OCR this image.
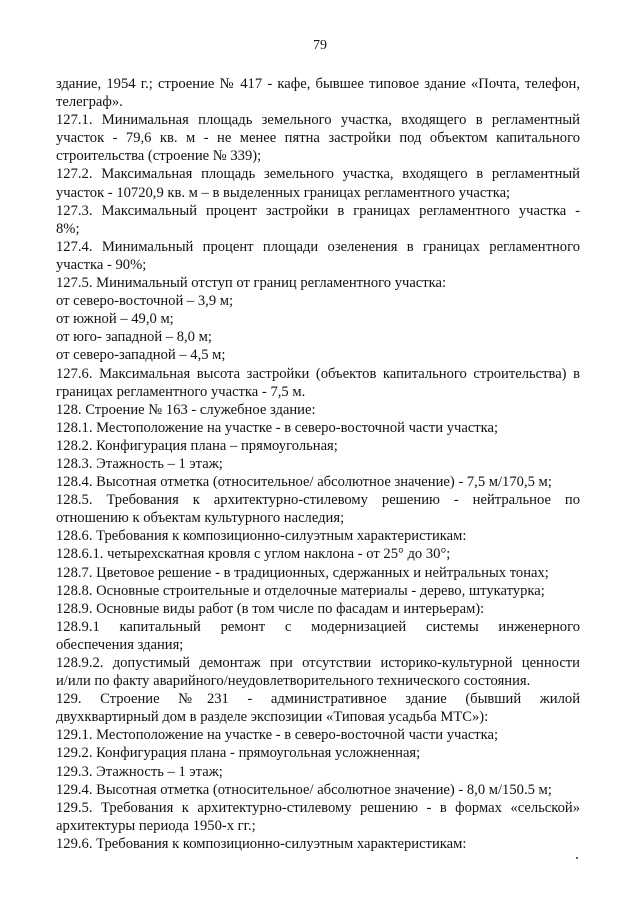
79
здание, 1954 г.; строение № 417 - кафе, бывшее типовое здание «Почта, телефон,
телеграф».
127.1. Минимальная площадь земельного участка, входящего в регламентный
участок - 79,6 кв. м - не менее пятна застройки под объектом капитального
строительства (строение № 339);
127.2. Максимальная площадь земельного участка, входящего в регламентный
участок - 10720,9 кв. м – в выделенных границах регламентного участка;
127.3. Максимальный процент застройки в границах регламентного участка -
8%;
127.4. Минимальный процент площади озеленения в границах регламентного
участка - 90%;
127.5. Минимальный отступ от границ регламентного участка:
от северо-восточной – 3,9 м;
от южной – 49,0 м;
от юго- западной – 8,0 м;
от северо-западной – 4,5 м;
127.6. Максимальная высота застройки (объектов капитального строительства) в
границах регламентного участка - 7,5 м.
128. Строение № 163 - служебное здание:
128.1. Местоположение на участке - в северо-восточной части участка;
128.2. Конфигурация плана – прямоугольная;
128.3. Этажность – 1 этаж;
128.4. Высотная отметка (относительное/ абсолютное значение) - 7,5 м/170,5 м;
128.5. Требования к архитектурно-стилевому решению - нейтральное по
отношению к объектам культурного наследия;
128.6. Требования к композиционно-силуэтным характеристикам:
128.6.1. четырехскатная кровля с углом наклона - от 25° до 30°;
128.7. Цветовое решение - в традиционных, сдержанных и нейтральных тонах;
128.8. Основные строительные и отделочные материалы - дерево, штукатурка;
128.9. Основные виды работ (в том числе по фасадам и интерьерам):
128.9.1 капитальный ремонт с модернизацией системы инженерного
обеспечения здания;
128.9.2. допустимый демонтаж при отсутствии историко-культурной ценности
и/или по факту аварийного/неудовлетворительного технического состояния.
129. Строение №231 - административное здание (бывший жилой
двухквартирный дом в разделе экспозиции «Типовая усадьба МТС»):
129.1. Местоположение на участке - в северо-восточной части участка;
129.2. Конфигурация плана - прямоугольная усложненная;
129.3. Этажность – 1 этаж;
129.4. Высотная отметка (относительное/ абсолютное значение) - 8,0 м/150.5 м;
129.5. Требования к архитектурно-стилевому решению - в формах «сельской»
архитектуры периода 1950-х гг.;
129.6. Требования к композиционно-силуэтным характеристикам:
